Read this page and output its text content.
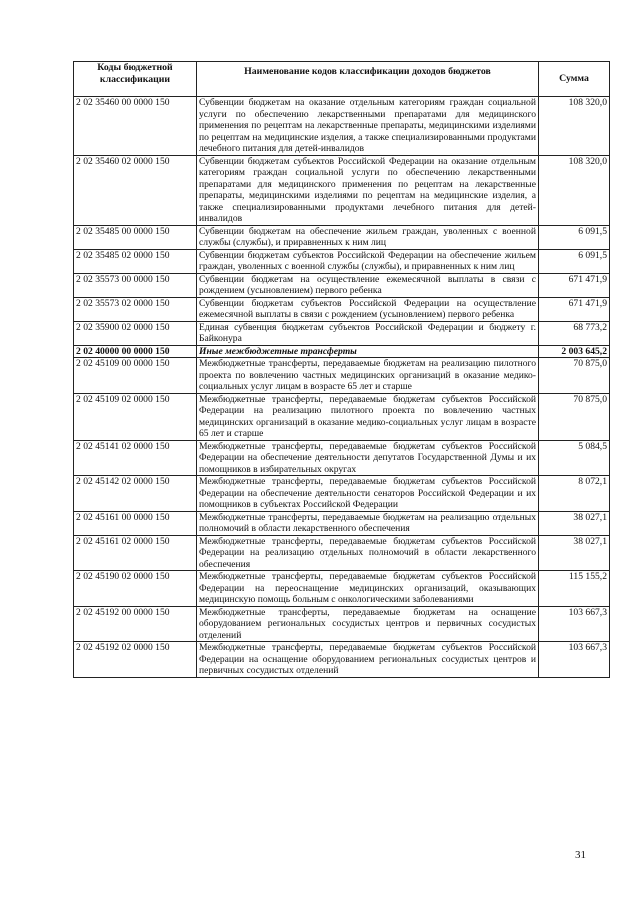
Коды бюджетной классификации	Наименование кодов классификации доходов бюджетов	Сумма
2 02 35460 00 0000 150	Субвенции бюджетам на оказание отдельным категориям граждан социальной услуги по обеспечению лекарственными препаратами для медицинского применения по рецептам на лекарственные препараты, медицинскими изделиями по рецептам на медицинские изделия, а также специализированными продуктами лечебного питания для детей-инвалидов	108 320,0
2 02 35460 02 0000 150	Субвенции бюджетам субъектов Российской Федерации на оказание отдельным категориям граждан социальной услуги по обеспечению лекарственными препаратами для медицинского применения по рецептам на лекарственные препараты, медицинскими изделиями по рецептам на медицинские изделия, а также специализированными продуктами лечебного питания для детей-инвалидов	108 320,0
2 02 35485 00 0000 150	Субвенции бюджетам на обеспечение жильем граждан, уволенных с военной службы (службы), и приравненных к ним лиц	6 091,5
2 02 35485 02 0000 150	Субвенции бюджетам субъектов Российской Федерации на обеспечение жильем граждан, уволенных с военной службы (службы), и приравненных к ним лиц	6 091,5
2 02 35573 00 0000 150	Субвенции бюджетам на осуществление ежемесячной выплаты в связи с рождением (усыновлением) первого ребенка	671 471,9
2 02 35573 02 0000 150	Субвенции бюджетам субъектов Российской Федерации на осуществление ежемесячной выплаты в связи с рождением (усыновлением) первого ребенка	671 471,9
2 02 35900 02 0000 150	Единая субвенция бюджетам субъектов Российской Федерации и бюджету г. Байконура	68 773,2
2 02 40000 00 0000 150	Иные межбюджетные трансферты	2 003 645,2
2 02 45109 00 0000 150	Межбюджетные трансферты, передаваемые бюджетам на реализацию пилотного проекта по вовлечению частных медицинских организаций в оказание медико-социальных услуг лицам в возрасте 65 лет и старше	70 875,0
2 02 45109 02 0000 150	Межбюджетные трансферты, передаваемые бюджетам субъектов Российской Федерации на реализацию пилотного проекта по вовлечению частных медицинских организаций в оказание медико-социальных услуг лицам в возрасте 65 лет и старше	70 875,0
2 02 45141 02 0000 150	Межбюджетные трансферты, передаваемые бюджетам субъектов Российской Федерации на обеспечение деятельности депутатов Государственной Думы и их помощников в избирательных округах	5 084,5
2 02 45142 02 0000 150	Межбюджетные трансферты, передаваемые бюджетам субъектов Российской Федерации на обеспечение деятельности сенаторов Российской Федерации и их помощников в субъектах Российской Федерации	8 072,1
2 02 45161 00 0000 150	Межбюджетные трансферты, передаваемые бюджетам на реализацию отдельных полномочий в области лекарственного обеспечения	38 027,1
2 02 45161 02 0000 150	Межбюджетные трансферты, передаваемые бюджетам субъектов Российской Федерации на реализацию отдельных полномочий в области лекарственного обеспечения	38 027,1
2 02 45190 02 0000 150	Межбюджетные трансферты, передаваемые бюджетам субъектов Российской Федерации на переоснащение медицинских организаций, оказывающих медицинскую помощь больным с онкологическими заболеваниями	115 155,2
2 02 45192 00 0000 150	Межбюджетные трансферты, передаваемые бюджетам на оснащение оборудованием региональных сосудистых центров и первичных сосудистых отделений	103 667,3
2 02 45192 02 0000 150	Межбюджетные трансферты, передаваемые бюджетам субъектов Российской Федерации на оснащение оборудованием региональных сосудистых центров и первичных сосудистых отделений	103 667,3
31
